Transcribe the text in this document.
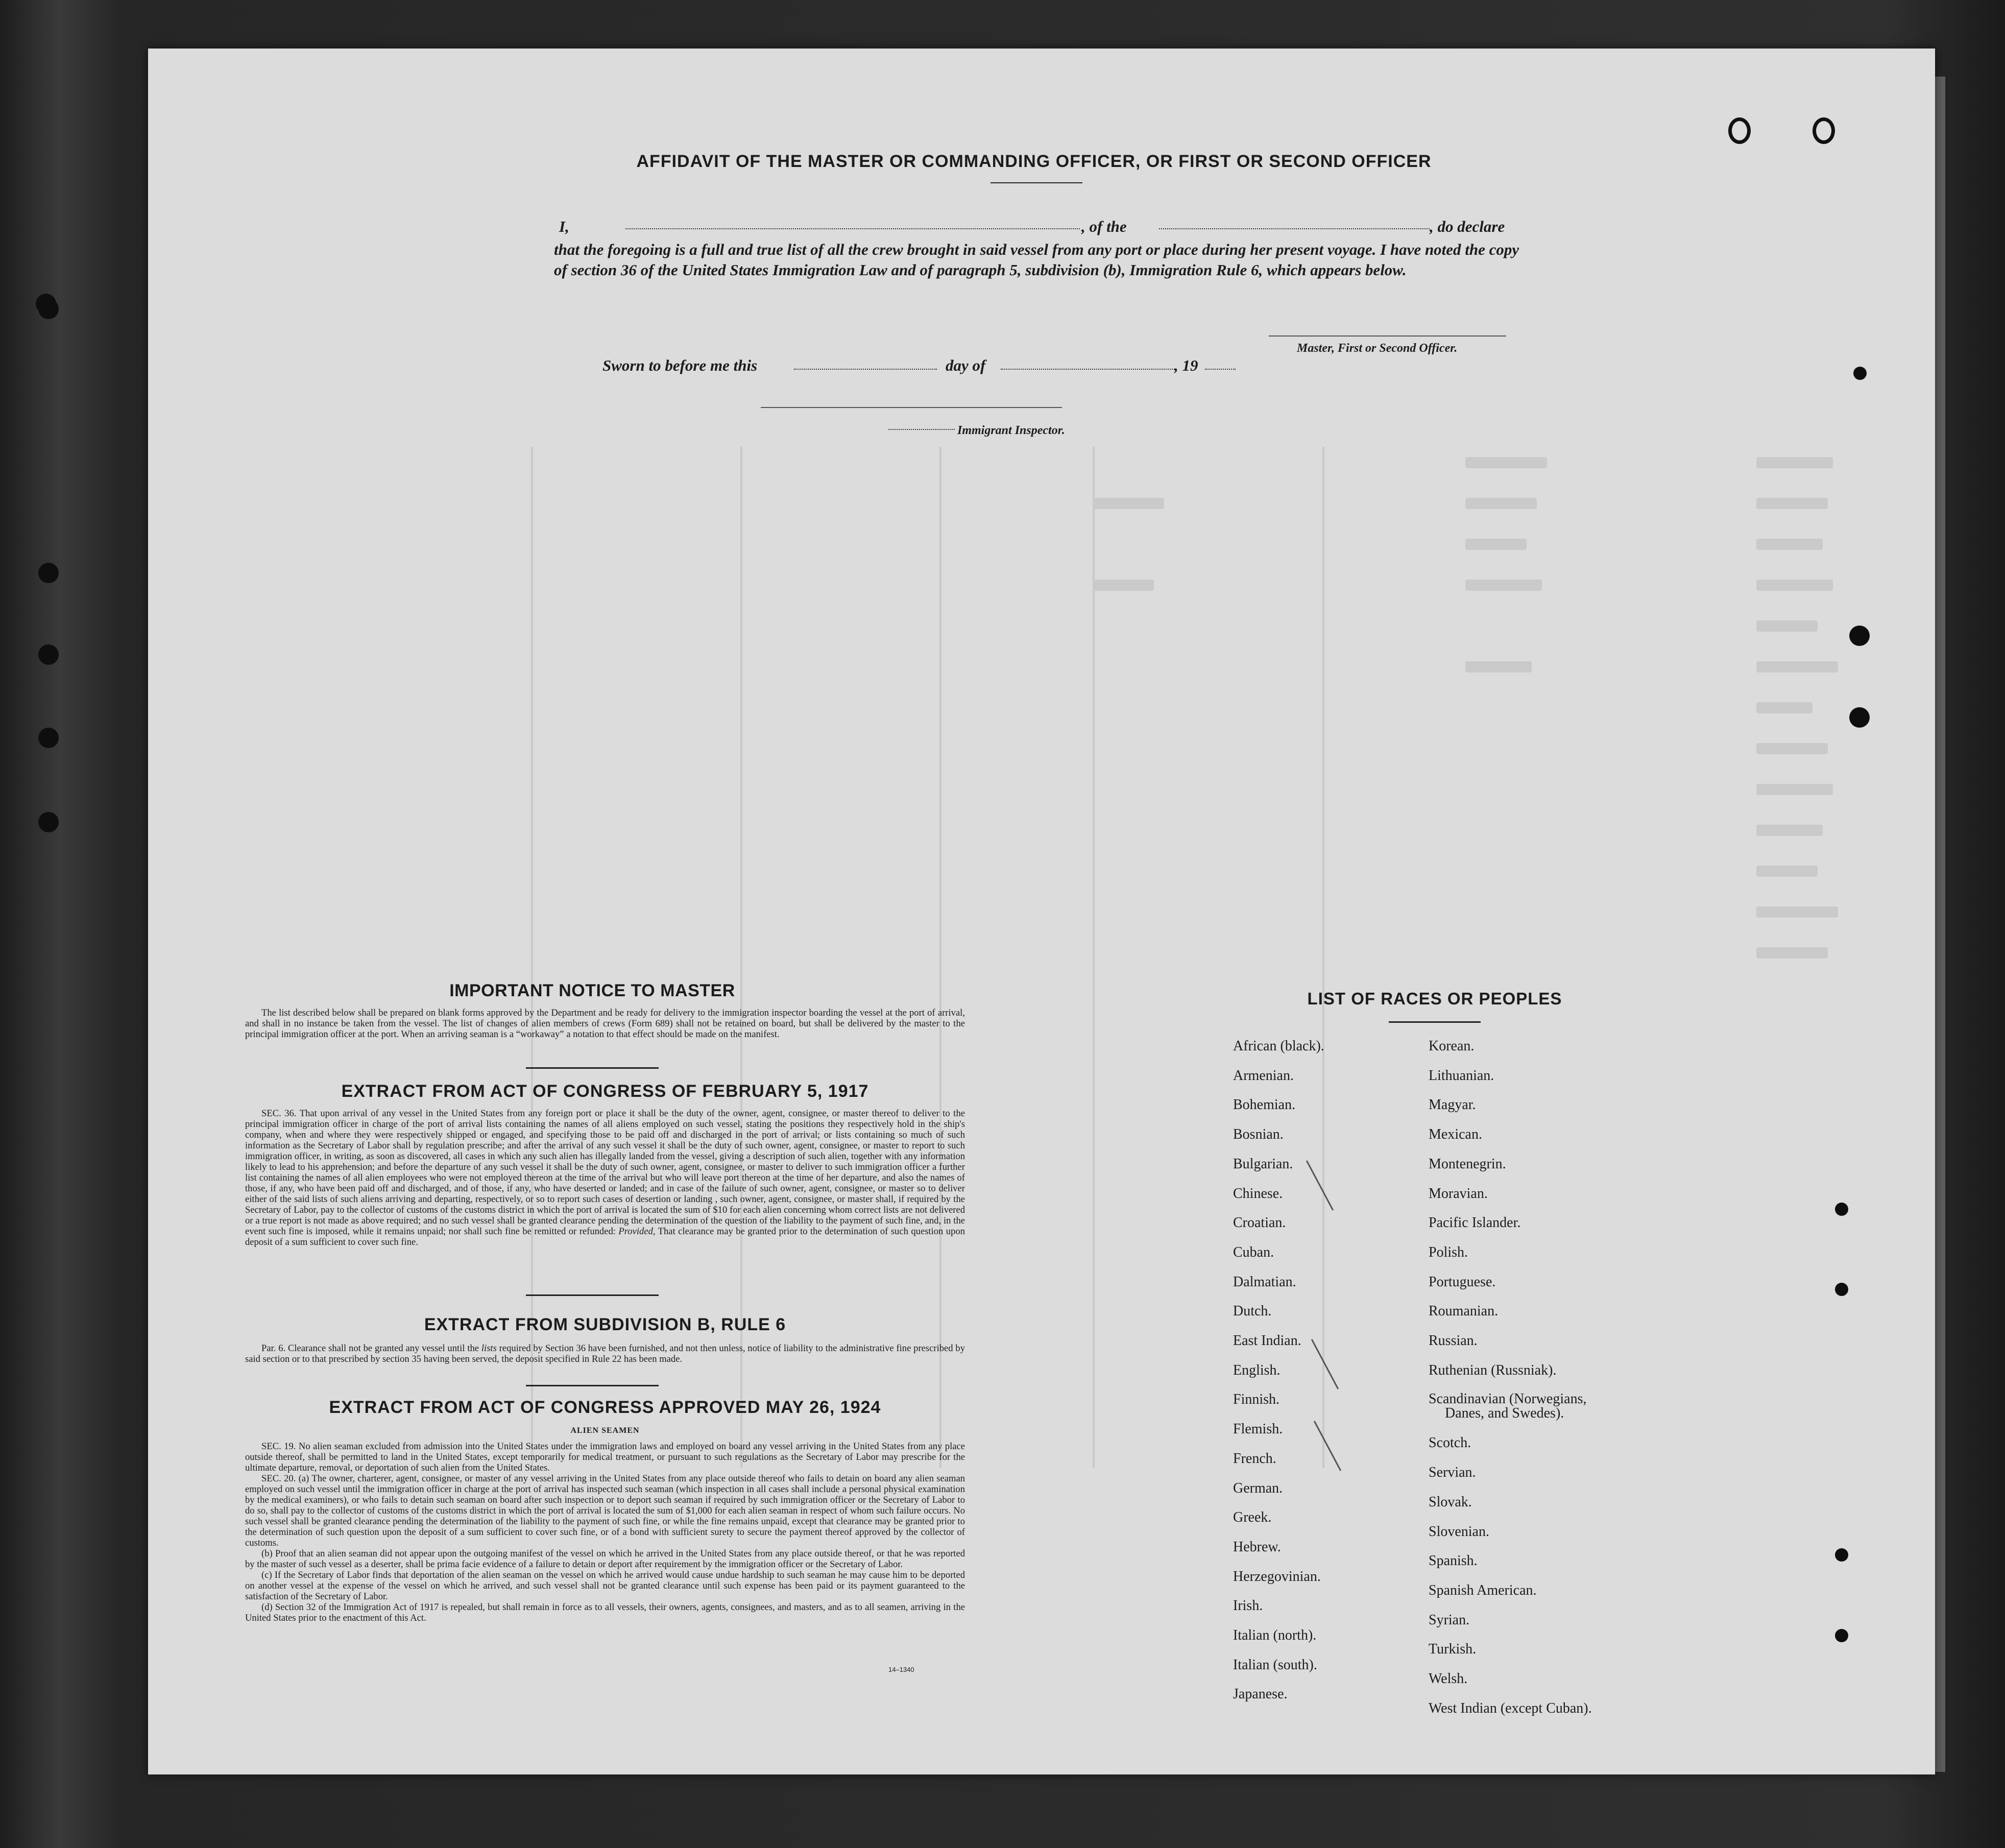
AFFIDAVIT OF THE MASTER OR COMMANDING OFFICER, OR FIRST OR SECOND OFFICER
I,	, of the	, do declare
that the foregoing is a full and true list of all the crew brought in said vessel from any port or place during her present voyage. I have noted the copy of section 36 of the United States Immigration Law and of paragraph 5, subdivision (b), Immigration Rule 6, which appears below.
Master, First or Second Officer.
Sworn to before me this	day of	, 19
Immigrant Inspector.
IMPORTANT NOTICE TO MASTER

The list described below shall be prepared on blank forms approved by the Department and be ready for delivery to the immigration inspector boarding the vessel at the port of arrival, and shall in no instance be taken from the vessel. The list of changes of alien members of crews (Form 689) shall not be retained on board, but shall be delivered by the master to the principal immigration officer at the port. When an arriving seaman is a “workaway” a notation to that effect should be made on the manifest.

EXTRACT FROM ACT OF CONGRESS OF FEBRUARY 5, 1917

SEC. 36. That upon arrival of any vessel in the United States from any foreign port or place it shall be the duty of the owner, agent, consignee, or master thereof to deliver to the principal immigration officer in charge of the port of arrival lists containing the names of all aliens employed on such vessel, stating the positions they respectively hold in the ship's company, when and where they were respectively shipped or engaged, and specifying those to be paid off and discharged in the port of arrival; or lists containing so much of such information as the Secretary of Labor shall by regulation prescribe; and after the arrival of any such vessel it shall be the duty of such owner, agent, consignee, or master to report to such immigration officer, in writing, as soon as discovered, all cases in which any such alien has illegally landed from the vessel, giving a description of such alien, together with any information likely to lead to his apprehension; and before the departure of any such vessel it shall be the duty of such owner, agent, consignee, or master to deliver to such immigration officer a further list containing the names of all alien employees who were not employed thereon at the time of the arrival but who will leave port thereon at the time of her departure, and also the names of those, if any, who have been paid off and discharged, and of those, if any, who have deserted or landed; and in case of the failure of such owner, agent, consignee, or master so to deliver either of the said lists of such aliens arriving and departing, respectively, or so to report such cases of desertion or landing , such owner, agent, consignee, or master shall, if required by the Secretary of Labor, pay to the collector of customs of the customs district in which the port of arrival is located the sum of $10 for each alien concerning whom correct lists are not delivered or a true report is not made as above required; and no such vessel shall be granted clearance pending the determination of the question of the liability to the payment of such fine, and, in the event such fine is imposed, while it remains unpaid; nor shall such fine be remitted or refunded: Provided, That clearance may be granted prior to the determination of such question upon deposit of a sum sufficient to cover such fine.

EXTRACT FROM SUBDIVISION B, RULE 6

Par. 6. Clearance shall not be granted any vessel until the lists required by Section 36 have been furnished, and not then unless, notice of liability to the administrative fine prescribed by said section or to that prescribed by section 35 having been served, the deposit specified in Rule 22 has been made.

EXTRACT FROM ACT OF CONGRESS APPROVED MAY 26, 1924
ALIEN SEAMEN

SEC. 19. No alien seaman excluded from admission into the United States under the immigration laws and employed on board any vessel arriving in the United States from any place outside thereof, shall be permitted to land in the United States, except temporarily for medical treatment, or pursuant to such regulations as the Secretary of Labor may prescribe for the ultimate departure, removal, or deportation of such alien from the United States.

SEC. 20. (a) The owner, charterer, agent, consignee, or master of any vessel arriving in the United States from any place outside thereof who fails to detain on board any alien seaman employed on such vessel until the immigration officer in charge at the port of arrival has inspected such seaman (which inspection in all cases shall include a personal physical examination by the medical examiners), or who fails to detain such seaman on board after such inspection or to deport such seaman if required by such immigration officer or the Secretary of Labor to do so, shall pay to the collector of customs of the customs district in which the port of arrival is located the sum of $1,000 for each alien seaman in respect of whom such failure occurs. No such vessel shall be granted clearance pending the determination of the liability to the payment of such fine, or while the fine remains unpaid, except that clearance may be granted prior to the determination of such question upon the deposit of a sum sufficient to cover such fine, or of a bond with sufficient surety to secure the payment thereof approved by the collector of customs.

(b) Proof that an alien seaman did not appear upon the outgoing manifest of the vessel on which he arrived in the United States from any place outside thereof, or that he was reported by the master of such vessel as a deserter, shall be prima facie evidence of a failure to detain or deport after requirement by the immigration officer or the Secretary of Labor.

(c) If the Secretary of Labor finds that deportation of the alien seaman on the vessel on which he arrived would cause undue hardship to such seaman he may cause him to be deported on another vessel at the expense of the vessel on which he arrived, and such vessel shall not be granted clearance until such expense has been paid or its payment guaranteed to the satisfaction of the Secretary of Labor.

(d) Section 32 of the Immigration Act of 1917 is repealed, but shall remain in force as to all vessels, their owners, agents, consignees, and masters, and as to all seamen, arriving in the United States prior to the enactment of this Act.

14–1340
LIST OF RACES OR PEOPLES
African (black).
Armenian.
Bohemian.
Bosnian.
Bulgarian.
Chinese.
Croatian.
Cuban.
Dalmatian.
Dutch.
East Indian.
English.
Finnish.
Flemish.
French.
German.
Greek.
Hebrew.
Herzegovinian.
Irish.
Italian (north).
Italian (south).
Japanese.
Korean.
Lithuanian.
Magyar.
Mexican.
Montenegrin.
Moravian.
Pacific Islander.
Polish.
Portuguese.
Roumanian.
Russian.
Ruthenian (Russniak).
Scandinavian (Norwegians,
Danes, and Swedes).
Scotch.
Servian.
Slovak.
Slovenian.
Spanish.
Spanish American.
Syrian.
Turkish.
Welsh.
West Indian (except Cuban).
